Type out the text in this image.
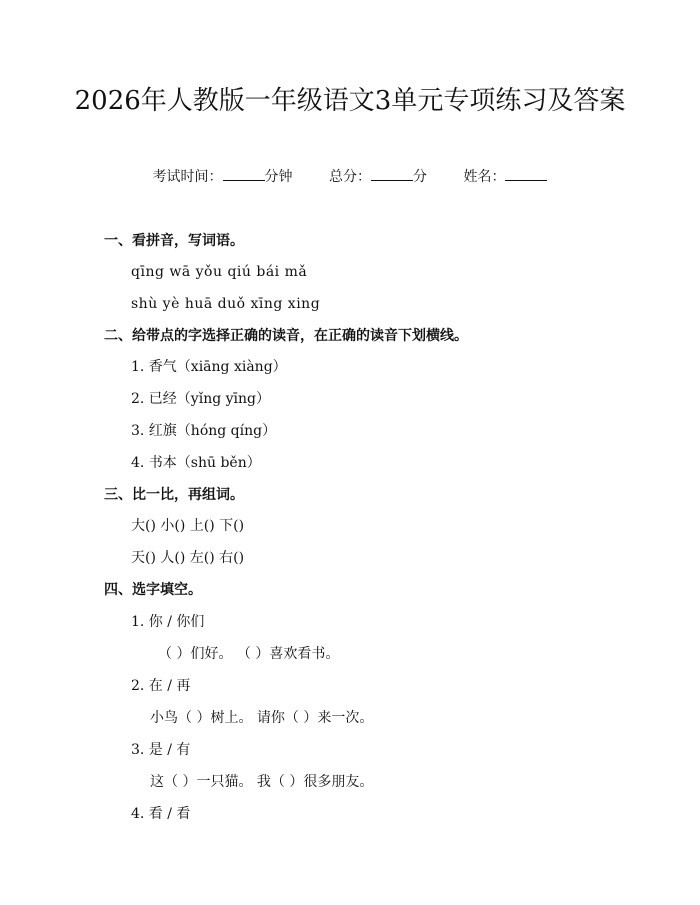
2026年人教版一年级语文3单元专项练习及答案
考试时间：	分钟	总分：	分	姓名：
一、看拼音，写词语。
qīng wā yǒu qiú bái mǎ
shù yè huā duǒ xīng xing
二、给带点的字选择正确的读音，在正确的读音下划横线。
1. 香气（xiāng xiàng）
2. 已经（yǐng yīng）
3. 红旗（hóng qíng）
4. 书本（shū běn）
三、比一比，再组词。
大() 小() 上() 下()
天() 人() 左() 右()
四、选字填空。
1. 你 / 你们
（ ）们好。 （ ）喜欢看书。
2. 在 / 再
小鸟（ ）树上。 请你（ ）来一次。
3. 是 / 有
这（ ）一只猫。 我（ ）很多朋友。
4. 看 / 看
